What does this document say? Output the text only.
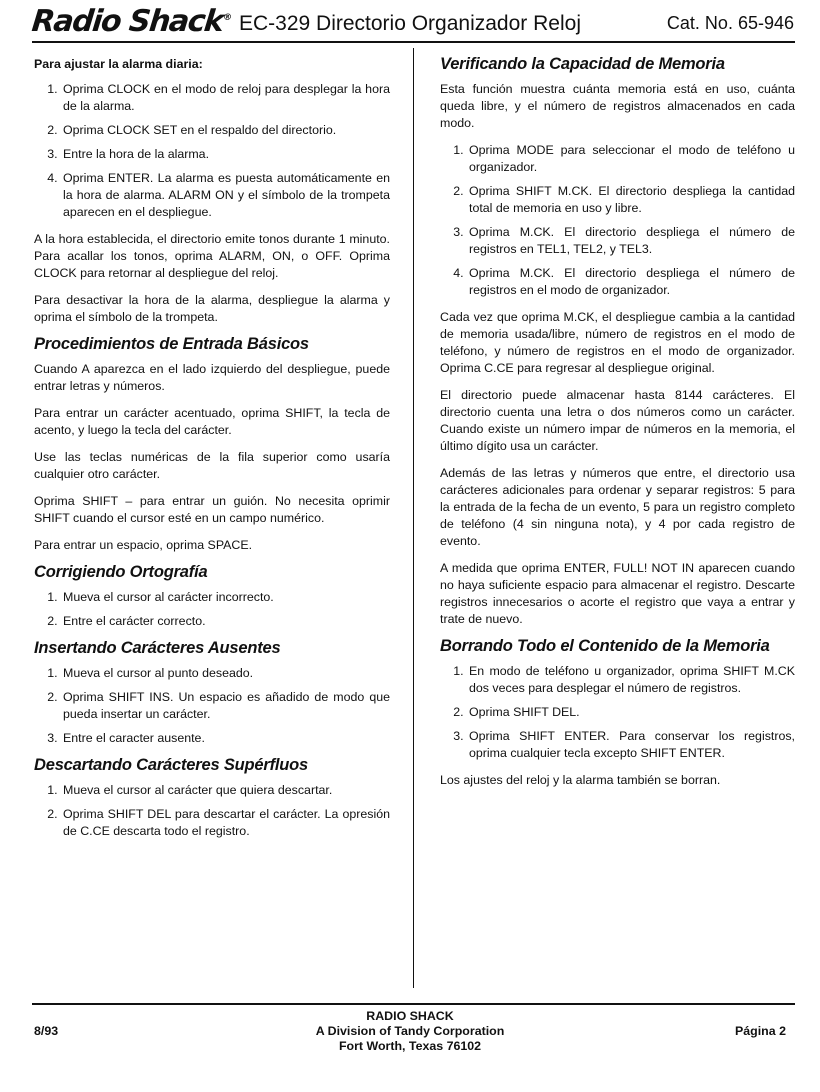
Radio Shack® EC-329 Directorio Organizador Reloj	Cat. No. 65-946
Para ajustar la alarma diaria:
1. Oprima CLOCK en el modo de reloj para desplegar la hora de la alarma.
2. Oprima CLOCK SET en el respaldo del directorio.
3. Entre la hora de la alarma.
4. Oprima ENTER. La alarma es puesta automáticamente en la hora de alarma. ALARM ON y el símbolo de la trompeta aparecen en el despliegue.

A la hora establecida, el directorio emite tonos durante 1 minuto. Para acallar los tonos, oprima ALARM, ON, o OFF. Oprima CLOCK para retornar al despliegue del reloj.

Para desactivar la hora de la alarma, despliegue la alarma y oprima el símbolo de la trompeta.

Procedimientos de Entrada Básicos

Cuando A aparezca en el lado izquierdo del despliegue, puede entrar letras y números.

Para entrar un carácter acentuado, oprima SHIFT, la tecla de acento, y luego la tecla del carácter.

Use las teclas numéricas de la fila superior como usaría cualquier otro carácter.

Oprima SHIFT – para entrar un guión. No necesita oprimir SHIFT cuando el cursor esté en un campo numérico.

Para entrar un espacio, oprima SPACE.

Corrigiendo Ortografía
1. Mueva el cursor al carácter incorrecto.
2. Entre el carácter correcto.
Insertando Carácteres Ausentes
1. Mueva el cursor al punto deseado.
2. Oprima SHIFT INS. Un espacio es añadido de modo que pueda insertar un carácter.
3. Entre el caracter ausente.
Descartando Carácteres Supérfluos
1. Mueva el cursor al carácter que quiera descartar.
2. Oprima SHIFT DEL para descartar el carácter. La opresión de C.CE descarta todo el registro.
Verificando la Capacidad de Memoria

Esta función muestra cuánta memoria está en uso, cuánta queda libre, y el número de registros almacenados en cada modo.

1. Oprima MODE para seleccionar el modo de teléfono u organizador.
2. Oprima SHIFT M.CK. El directorio despliega la cantidad total de memoria en uso y libre.
3. Oprima M.CK. El directorio despliega el número de registros en TEL1, TEL2, y TEL3.
4. Oprima M.CK. El directorio despliega el número de registros en el modo de organizador.

Cada vez que oprima M.CK, el despliegue cambia a la cantidad de memoria usada/libre, número de registros en el modo de teléfono, y número de registros en el modo de organizador. Oprima C.CE para regresar al despliegue original.

El directorio puede almacenar hasta 8144 carácteres. El directorio cuenta una letra o dos números como un carácter. Cuando existe un número impar de números en la memoria, el último dígito usa un carácter.

Además de las letras y números que entre, el directorio usa carácteres adicionales para ordenar y separar registros: 5 para la entrada de la fecha de un evento, 5 para un registro completo de teléfono (4 sin ninguna nota), y 4 por cada registro de evento.

A medida que oprima ENTER, FULL! NOT IN aparecen cuando no haya suficiente espacio para almacenar el registro. Descarte registros innecesarios o acorte el registro que vaya a entrar y trate de nuevo.

Borrando Todo el Contenido de la Memoria
1. En modo de teléfono u organizador, oprima SHIFT M.CK dos veces para desplegar el número de registros.
2. Oprima SHIFT DEL.
3. Oprima SHIFT ENTER. Para conservar los registros, oprima cualquier tecla excepto SHIFT ENTER.

Los ajustes del reloj y la alarma también se borran.

8/93
RADIO SHACK
A Division of Tandy Corporation
Fort Worth, Texas 76102
Página 2
